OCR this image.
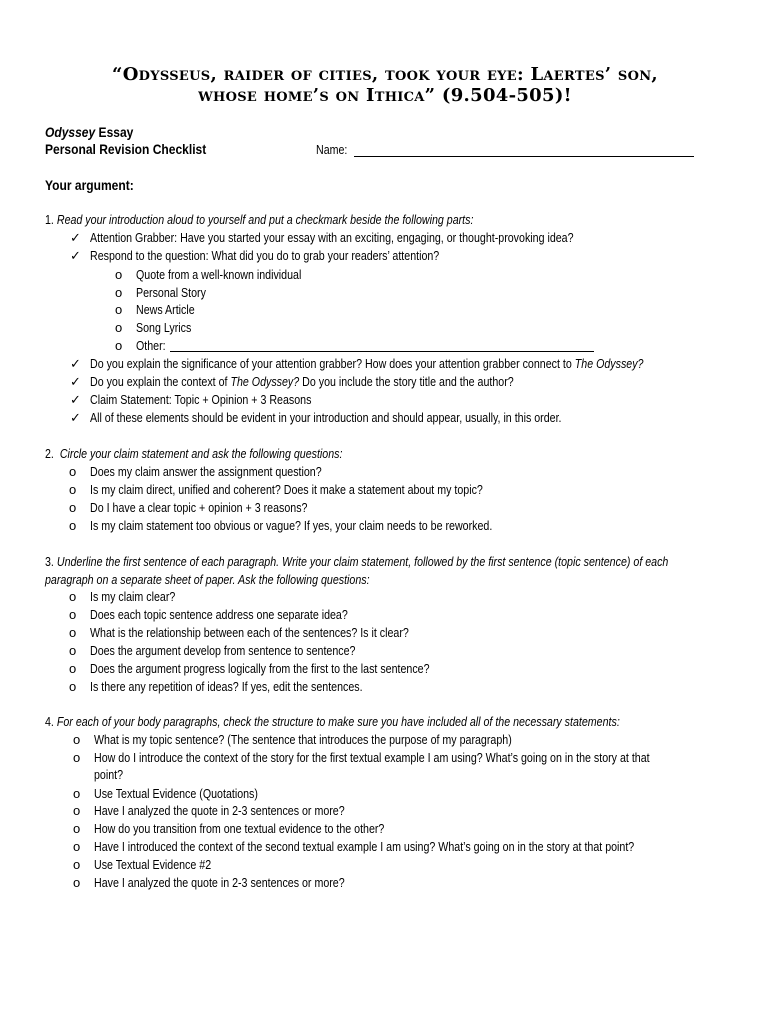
“Odysseus, raider of cities, took your eye: Laertes’ son,
whose home’s on Ithica” (9.504-505)!
Odyssey Essay
Personal Revision Checklist	Name:
Your argument:
1. Read your introduction aloud to yourself and put a checkmark beside the following parts:
✓ Attention Grabber: Have you started your essay with an exciting, engaging, or thought-provoking idea?
✓ Respond to the question: What did you do to grab your readers’ attention?
o Quote from a well-known individual
o Personal Story
o News Article
o Song Lyrics
o Other:
✓ Do you explain the significance of your attention grabber? How does your attention grabber connect to The Odyssey?
✓ Do you explain the context of The Odyssey? Do you include the story title and the author?
✓ Claim Statement: Topic + Opinion + 3 Reasons
✓ All of these elements should be evident in your introduction and should appear, usually, in this order.
2. Circle your claim statement and ask the following questions:
o Does my claim answer the assignment question?
o Is my claim direct, unified and coherent? Does it make a statement about my topic?
o Do I have a clear topic + opinion + 3 reasons?
o Is my claim statement too obvious or vague? If yes, your claim needs to be reworked.
3. Underline the first sentence of each paragraph. Write your claim statement, followed by the first sentence (topic sentence) of each
paragraph on a separate sheet of paper. Ask the following questions:
o Is my claim clear?
o Does each topic sentence address one separate idea?
o What is the relationship between each of the sentences? Is it clear?
o Does the argument develop from sentence to sentence?
o Does the argument progress logically from the first to the last sentence?
o Is there any repetition of ideas? If yes, edit the sentences.
4. For each of your body paragraphs, check the structure to make sure you have included all of the necessary statements:
o What is my topic sentence? (The sentence that introduces the purpose of my paragraph)
o How do I introduce the context of the story for the first textual example I am using? What’s going on in the story at that
point?
o Use Textual Evidence (Quotations)
o Have I analyzed the quote in 2-3 sentences or more?
o How do you transition from one textual evidence to the other?
o Have I introduced the context of the second textual example I am using? What’s going on in the story at that point?
o Use Textual Evidence #2
o Have I analyzed the quote in 2-3 sentences or more?
